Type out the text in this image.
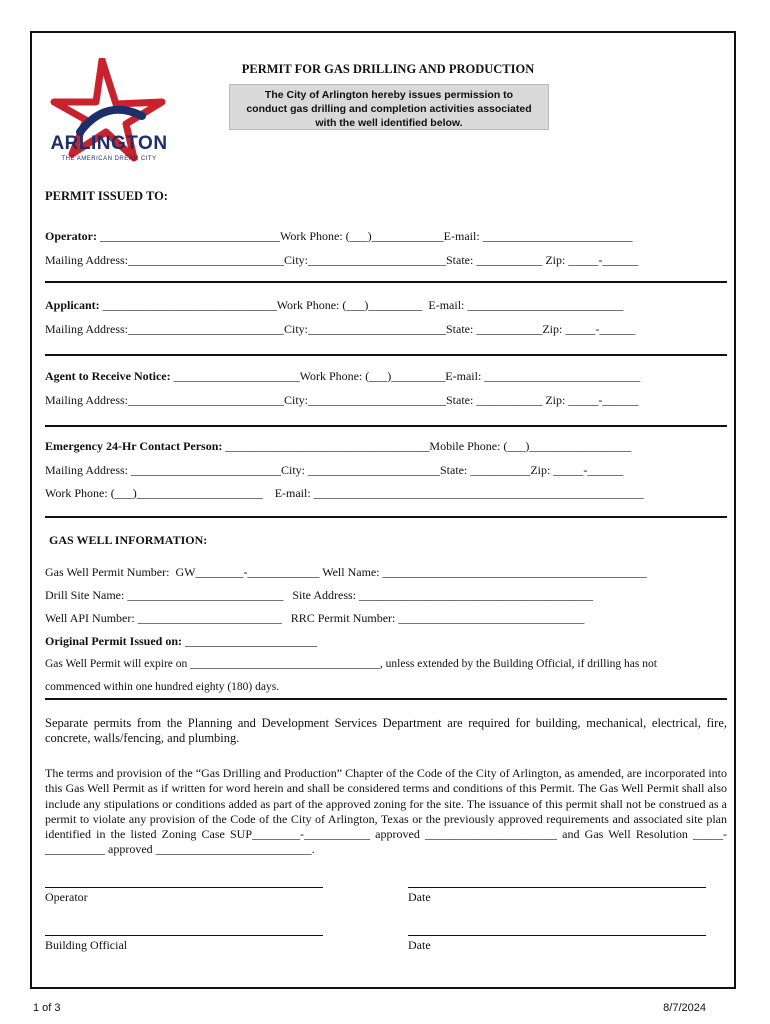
ARLINGTON
THE AMERICAN DREAM CITY
PERMIT FOR GAS DRILLING AND PRODUCTION
The City of Arlington hereby issues permission to
conduct gas drilling and completion activities associated
with the well identified below.
PERMIT ISSUED TO:
Operator: ______________________________Work Phone: (___)____________E-mail: _________________________
Mailing Address:__________________________City:_______________________State: ___________ Zip: _____-______
Applicant: _____________________________Work Phone: (___)_________  E-mail: __________________________
Mailing Address:__________________________City:_______________________State: ___________Zip: _____-______
Agent to Receive Notice: _____________________Work Phone: (___)_________E-mail: __________________________
Mailing Address:__________________________City:_______________________State: ___________ Zip: _____-______
Emergency 24-Hr Contact Person: __________________________________Mobile Phone: (___)_________________
Mailing Address: _________________________City: ______________________State: __________Zip: _____-______
Work Phone: (___)_____________________    E-mail: _______________________________________________________
GAS WELL INFORMATION:
Gas Well Permit Number:  GW________-____________ Well Name: ____________________________________________
Drill Site Name: __________________________   Site Address: _______________________________________
Well API Number: ________________________   RRC Permit Number: _______________________________
Original Permit Issued on: ______________________
Gas Well Permit will expire on _________________________________, unless extended by the Building Official, if drilling has not
commenced within one hundred eighty (180) days.
Separate permits from the Planning and Development Services Department are required for building, mechanical, electrical, fire, concrete, walls/fencing, and plumbing.
The terms and provision of the “Gas Drilling and Production” Chapter of the Code of the City of Arlington, as amended, are incorporated into this Gas Well Permit as if written for word herein and shall be considered terms and conditions of this Permit. The Gas Well Permit shall also include any stipulations or conditions added as part of the approved zoning for the site. The issuance of this permit shall not be construed as a permit to violate any provision of the Code of the City of Arlington, Texas or the previously approved requirements and associated site plan identified in the listed Zoning Case SUP________-___________ approved ______________________ and Gas Well Resolution _____-__________ approved __________________________.
Operator	Date
Building Official	Date
1 of 3	8/7/2024
